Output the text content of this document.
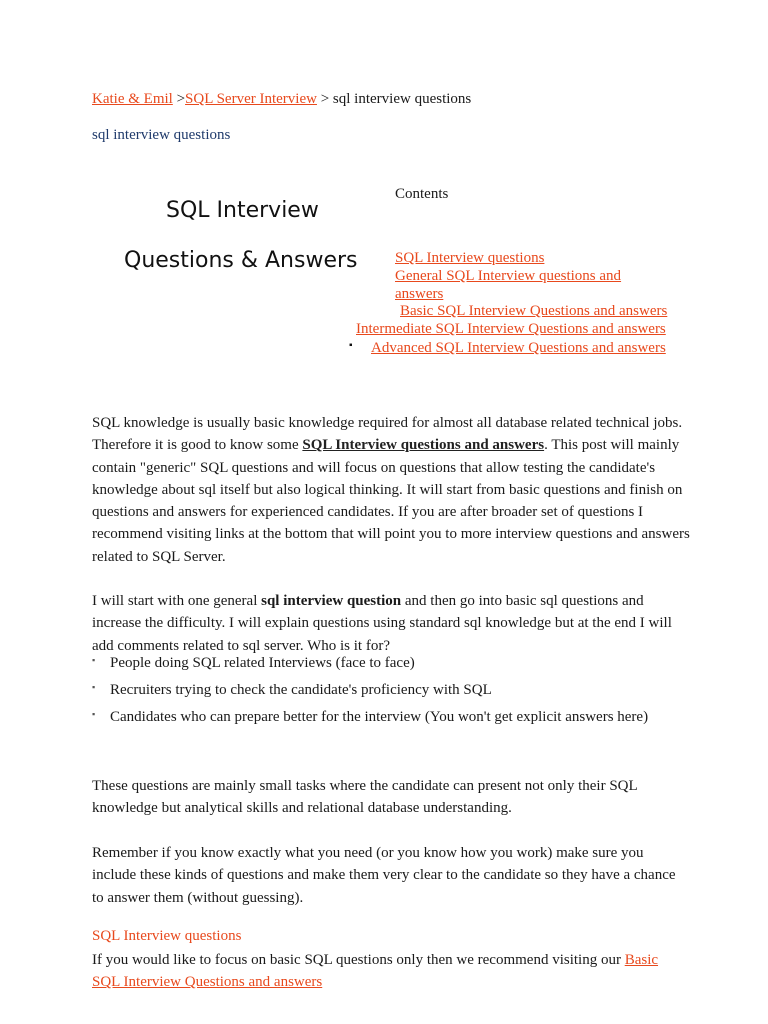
Katie & Emil >SQL Server Interview > sql interview questions
sql interview questions
SQL Interview
Questions & Answers
Contents
SQL Interview questions
General SQL Interview questions and answers
Basic SQL Interview Questions and answers
Intermediate SQL Interview Questions and answers
▪ Advanced SQL Interview Questions and answers
SQL knowledge is usually basic knowledge required for almost all database related technical jobs. Therefore it is good to know some SQL Interview questions and answers. This post will mainly contain "generic" SQL questions and will focus on questions that allow testing the candidate's knowledge about sql itself but also logical thinking. It will start from basic questions and finish on questions and answers for experienced candidates. If you are after broader set of questions I recommend visiting links at the bottom that will point you to more interview questions and answers related to SQL Server.
I will start with one general sql interview question and then go into basic sql questions and increase the difficulty. I will explain questions using standard sql knowledge but at the end I will add comments related to sql server. Who is it for?
▪ People doing SQL related Interviews (face to face)
▪ Recruiters trying to check the candidate's proficiency with SQL
▪ Candidates who can prepare better for the interview (You won't get explicit answers here)
These questions are mainly small tasks where the candidate can present not only their SQL knowledge but analytical skills and relational database understanding.
Remember if you know exactly what you need (or you know how you work) make sure you include these kinds of questions and make them very clear to the candidate so they have a chance to answer them (without guessing).
SQL Interview questions
If you would like to focus on basic SQL questions only then we recommend visiting our Basic SQL Interview Questions and answers
